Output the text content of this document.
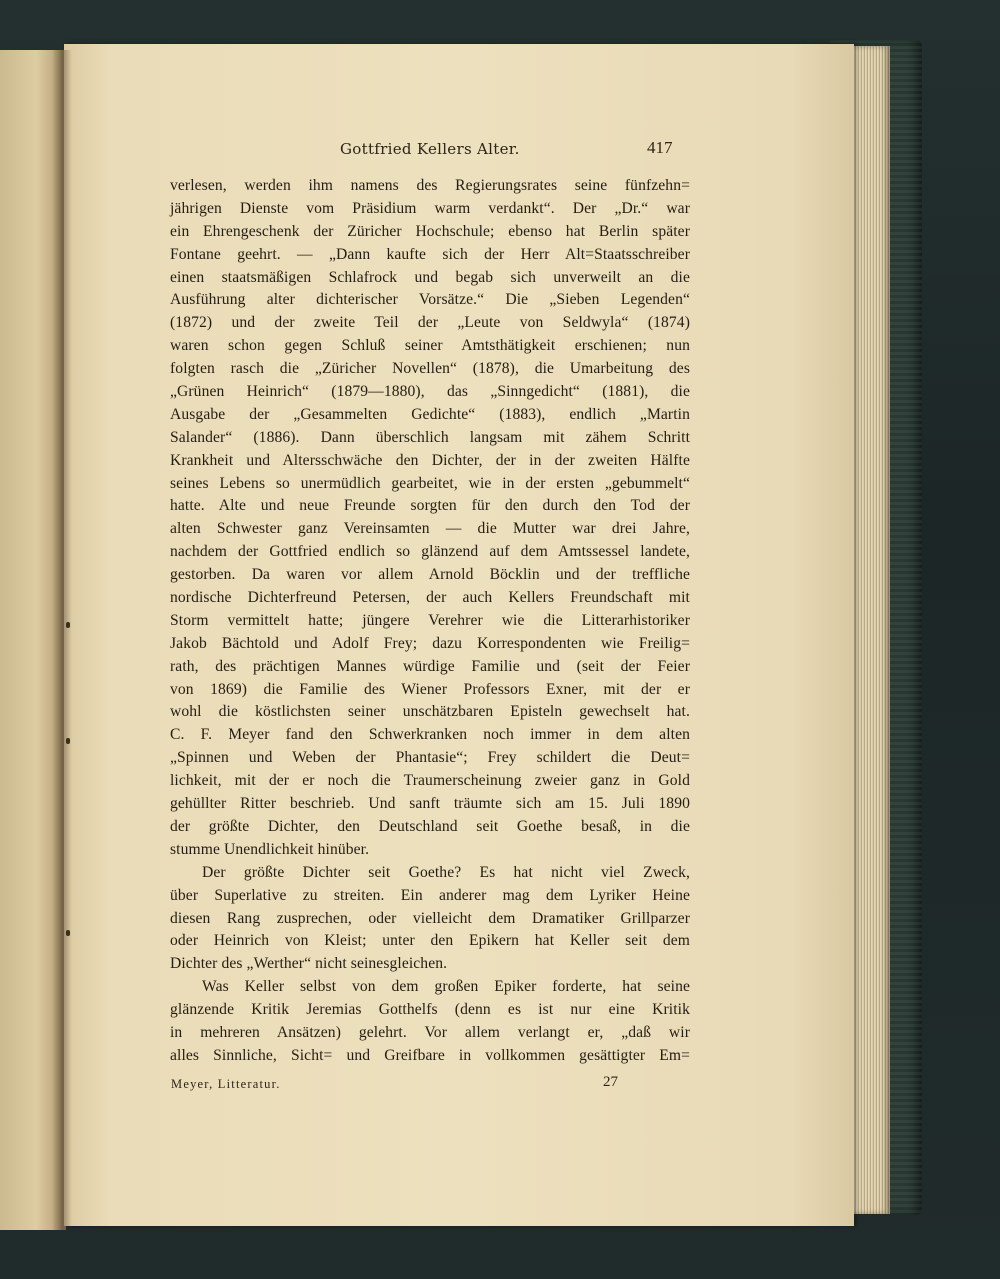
Gottfried Kellers Alter.	417
verlesen, werden ihm namens des Regierungsrates seine fünfzehn=
jährigen Dienste vom Präsidium warm verdankt“. Der „Dr.“ war
ein Ehrengeschenk der Züricher Hochschule; ebenso hat Berlin später
Fontane geehrt. — „Dann kaufte sich der Herr Alt=Staatsschreiber
einen staatsmäßigen Schlafrock und begab sich unverweilt an die
Ausführung alter dichterischer Vorsätze.“ Die „Sieben Legenden“
(1872) und der zweite Teil der „Leute von Seldwyla“ (1874)
waren schon gegen Schluß seiner Amtsthätigkeit erschienen; nun
folgten rasch die „Züricher Novellen“ (1878), die Umarbeitung des
„Grünen Heinrich“ (1879—1880), das „Sinngedicht“ (1881), die
Ausgabe der „Gesammelten Gedichte“ (1883), endlich „Martin
Salander“ (1886). Dann überschlich langsam mit zähem Schritt
Krankheit und Altersschwäche den Dichter, der in der zweiten Hälfte
seines Lebens so unermüdlich gearbeitet, wie in der ersten „gebummelt“
hatte. Alte und neue Freunde sorgten für den durch den Tod der
alten Schwester ganz Vereinsamten — die Mutter war drei Jahre,
nachdem der Gottfried endlich so glänzend auf dem Amtssessel landete,
gestorben. Da waren vor allem Arnold Böcklin und der treffliche
nordische Dichterfreund Petersen, der auch Kellers Freundschaft mit
Storm vermittelt hatte; jüngere Verehrer wie die Litterarhistoriker
Jakob Bächtold und Adolf Frey; dazu Korrespondenten wie Freilig=
rath, des prächtigen Mannes würdige Familie und (seit der Feier
von 1869) die Familie des Wiener Professors Exner, mit der er
wohl die köstlichsten seiner unschätzbaren Episteln gewechselt hat.
C. F. Meyer fand den Schwerkranken noch immer in dem alten
„Spinnen und Weben der Phantasie“; Frey schildert die Deut=
lichkeit, mit der er noch die Traumerscheinung zweier ganz in Gold
gehüllter Ritter beschrieb. Und sanft träumte sich am 15. Juli 1890
der größte Dichter, den Deutschland seit Goethe besaß, in die
stumme Unendlichkeit hinüber.
Der größte Dichter seit Goethe? Es hat nicht viel Zweck,
über Superlative zu streiten. Ein anderer mag dem Lyriker Heine
diesen Rang zusprechen, oder vielleicht dem Dramatiker Grillparzer
oder Heinrich von Kleist; unter den Epikern hat Keller seit dem
Dichter des „Werther“ nicht seinesgleichen.
Was Keller selbst von dem großen Epiker forderte, hat seine
glänzende Kritik Jeremias Gotthelfs (denn es ist nur eine Kritik
in mehreren Ansätzen) gelehrt. Vor allem verlangt er, „daß wir
alles Sinnliche, Sicht= und Greifbare in vollkommen gesättigter Em=
Meyer, Litteratur.	27
